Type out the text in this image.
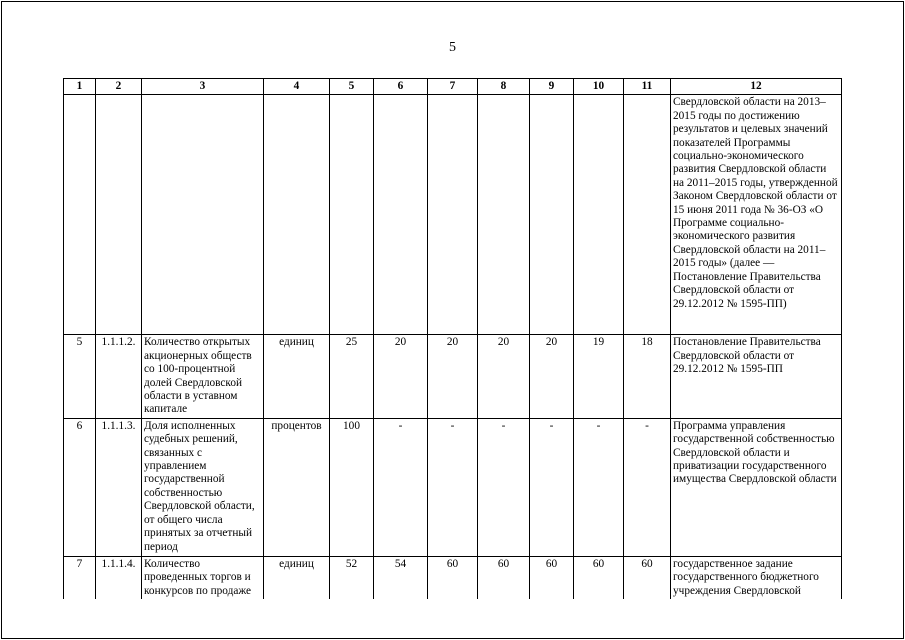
5
1	2	3	4	5	6	7	8	9	10	11	12
											Свердловской области на 2013–2015 годы по достижению результатов и целевых значений показателей Программы социально-экономического развития Свердловской области на 2011–2015 годы, утвержденной Законом Свердловской области от 15 июня 2011 года № 36-ОЗ «О Программе социально-экономического развития Свердловской области на 2011–2015 годы» (далее — Постановление Правительства Свердловской области от 29.12.2012 № 1595-ПП)
5	1.1.1.2.	Количество открытых акционерных обществ со 100-процентной долей Свердловской области в уставном капитале	единиц	25	20	20	20	20	19	18	Постановление Правительства Свердловской области от 29.12.2012 № 1595-ПП
6	1.1.1.3.	Доля исполненных судебных решений, связанных с управлением государственной собственностью Свердловской области, от общего числа принятых за отчетный период	процентов	100	-	-	-	-	-	-	Программа управления государственной собственностью Свердловской области и приватизации государственного имущества Свердловской области
7	1.1.1.4.	Количество проведенных торгов и конкурсов по продаже	единиц	52	54	60	60	60	60	60	государственное задание государственного бюджетного учреждения Свердловской
